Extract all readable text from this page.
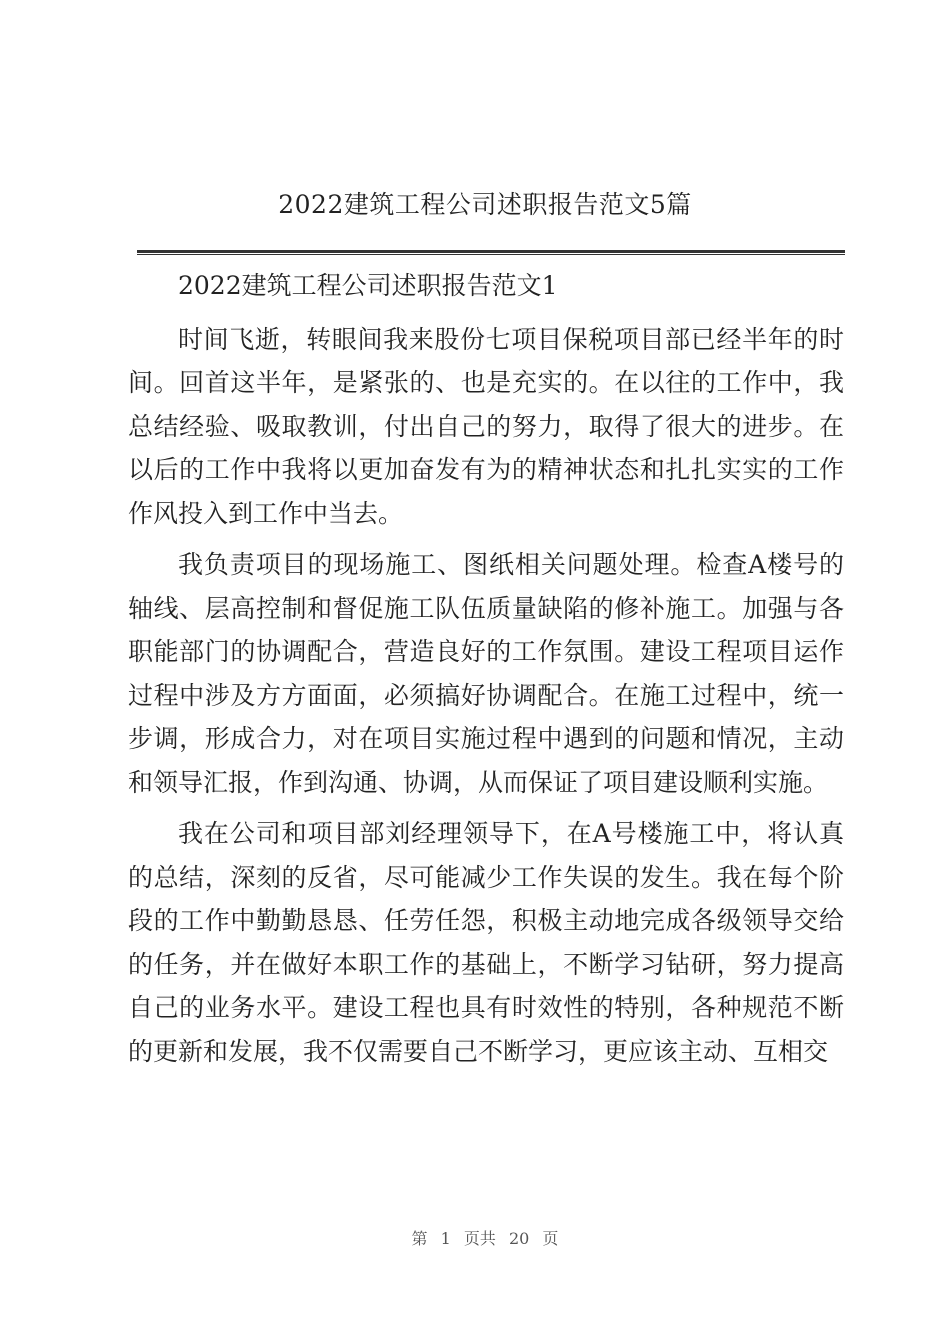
2022建筑工程公司述职报告范文5篇

2022建筑工程公司述职报告范文1

时间飞逝，转眼间我来股份七项目保税项目部已经半年的时间。回首这半年，是紧张的、也是充实的。在以往的工作中，我总结经验、吸取教训，付出自己的努力，取得了很大的进步。在以后的工作中我将以更加奋发有为的精神状态和扎扎实实的工作作风投入到工作中当去。

我负责项目的现场施工、图纸相关问题处理。检查A楼号的轴线、层高控制和督促施工队伍质量缺陷的修补施工。加强与各职能部门的协调配合，营造良好的工作氛围。建设工程项目运作过程中涉及方方面面，必须搞好协调配合。在施工过程中，统一步调，形成合力，对在项目实施过程中遇到的问题和情况，主动和领导汇报，作到沟通、协调，从而保证了项目建设顺利实施。

我在公司和项目部刘经理领导下，在A号楼施工中，将认真的总结，深刻的反省，尽可能减少工作失误的发生。我在每个阶段的工作中勤勤恳恳、任劳任怨，积极主动地完成各级领导交给的任务，并在做好本职工作的基础上，不断学习钻研，努力提高自己的业务水平。建设工程也具有时效性的特别，各种规范不断的更新和发展，我不仅需要自己不断学习，更应该主动、互相交

第 1 页共 20 页
